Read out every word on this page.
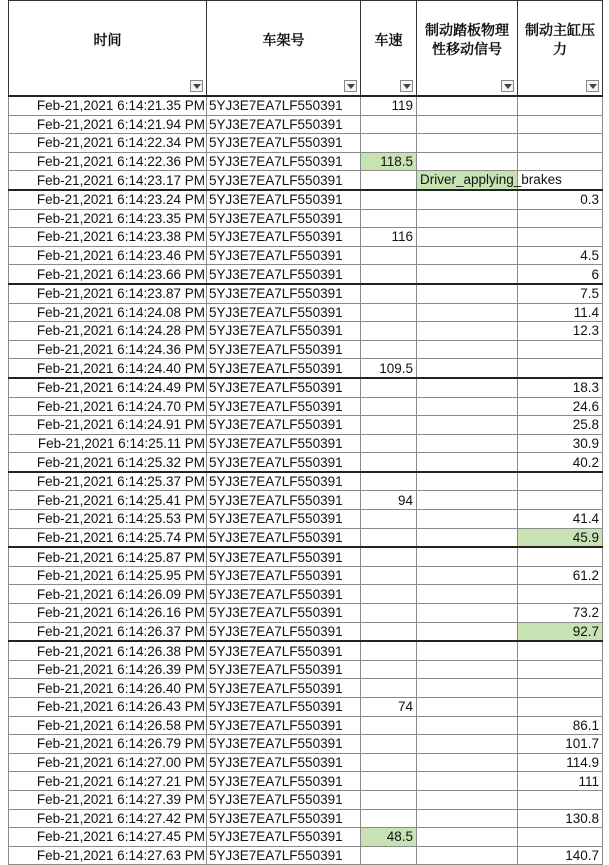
时间	车架号	车速	制动踏板物理性移动信号	制动主缸压力

Feb-21,2021 6:14:21.35 PM	5YJ3E7EA7LF550391	119	

Feb-21,2021 6:14:21.94 PM	5YJ3E7EA7LF550391		

Feb-21,2021 6:14:22.34 PM	5YJ3E7EA7LF550391		

Feb-21,2021 6:14:22.36 PM	5YJ3E7EA7LF550391	118.5	

Feb-21,2021 6:14:23.17 PM	5YJ3E7EA7LF550391		Driver_applying_brakes	

Feb-21,2021 6:14:23.24 PM	5YJ3E7EA7LF550391			0.3
Feb-21,2021 6:14:23.35 PM	5YJ3E7EA7LF550391		

Feb-21,2021 6:14:23.38 PM	5YJ3E7EA7LF550391	116	

Feb-21,2021 6:14:23.46 PM	5YJ3E7EA7LF550391			4.5
Feb-21,2021 6:14:23.66 PM	5YJ3E7EA7LF550391			6
Feb-21,2021 6:14:23.87 PM	5YJ3E7EA7LF550391			7.5
Feb-21,2021 6:14:24.08 PM	5YJ3E7EA7LF550391			11.4
Feb-21,2021 6:14:24.28 PM	5YJ3E7EA7LF550391			12.3
Feb-21,2021 6:14:24.36 PM	5YJ3E7EA7LF550391		

Feb-21,2021 6:14:24.40 PM	5YJ3E7EA7LF550391	109.5	

Feb-21,2021 6:14:24.49 PM	5YJ3E7EA7LF550391			18.3
Feb-21,2021 6:14:24.70 PM	5YJ3E7EA7LF550391			24.6
Feb-21,2021 6:14:24.91 PM	5YJ3E7EA7LF550391			25.8
Feb-21,2021 6:14:25.11 PM	5YJ3E7EA7LF550391			30.9
Feb-21,2021 6:14:25.32 PM	5YJ3E7EA7LF550391			40.2
Feb-21,2021 6:14:25.37 PM	5YJ3E7EA7LF550391		

Feb-21,2021 6:14:25.41 PM	5YJ3E7EA7LF550391	94	

Feb-21,2021 6:14:25.53 PM	5YJ3E7EA7LF550391			41.4
Feb-21,2021 6:14:25.74 PM	5YJ3E7EA7LF550391			45.9
Feb-21,2021 6:14:25.87 PM	5YJ3E7EA7LF550391		

Feb-21,2021 6:14:25.95 PM	5YJ3E7EA7LF550391			61.2
Feb-21,2021 6:14:26.09 PM	5YJ3E7EA7LF550391		

Feb-21,2021 6:14:26.16 PM	5YJ3E7EA7LF550391			73.2
Feb-21,2021 6:14:26.37 PM	5YJ3E7EA7LF550391			92.7
Feb-21,2021 6:14:26.38 PM	5YJ3E7EA7LF550391		

Feb-21,2021 6:14:26.39 PM	5YJ3E7EA7LF550391		

Feb-21,2021 6:14:26.40 PM	5YJ3E7EA7LF550391		

Feb-21,2021 6:14:26.43 PM	5YJ3E7EA7LF550391	74	

Feb-21,2021 6:14:26.58 PM	5YJ3E7EA7LF550391			86.1
Feb-21,2021 6:14:26.79 PM	5YJ3E7EA7LF550391			101.7
Feb-21,2021 6:14:27.00 PM	5YJ3E7EA7LF550391			114.9
Feb-21,2021 6:14:27.21 PM	5YJ3E7EA7LF550391			111
Feb-21,2021 6:14:27.39 PM	5YJ3E7EA7LF550391		

Feb-21,2021 6:14:27.42 PM	5YJ3E7EA7LF550391			130.8
Feb-21,2021 6:14:27.45 PM	5YJ3E7EA7LF550391	48.5	

Feb-21,2021 6:14:27.63 PM	5YJ3E7EA7LF550391			140.7
